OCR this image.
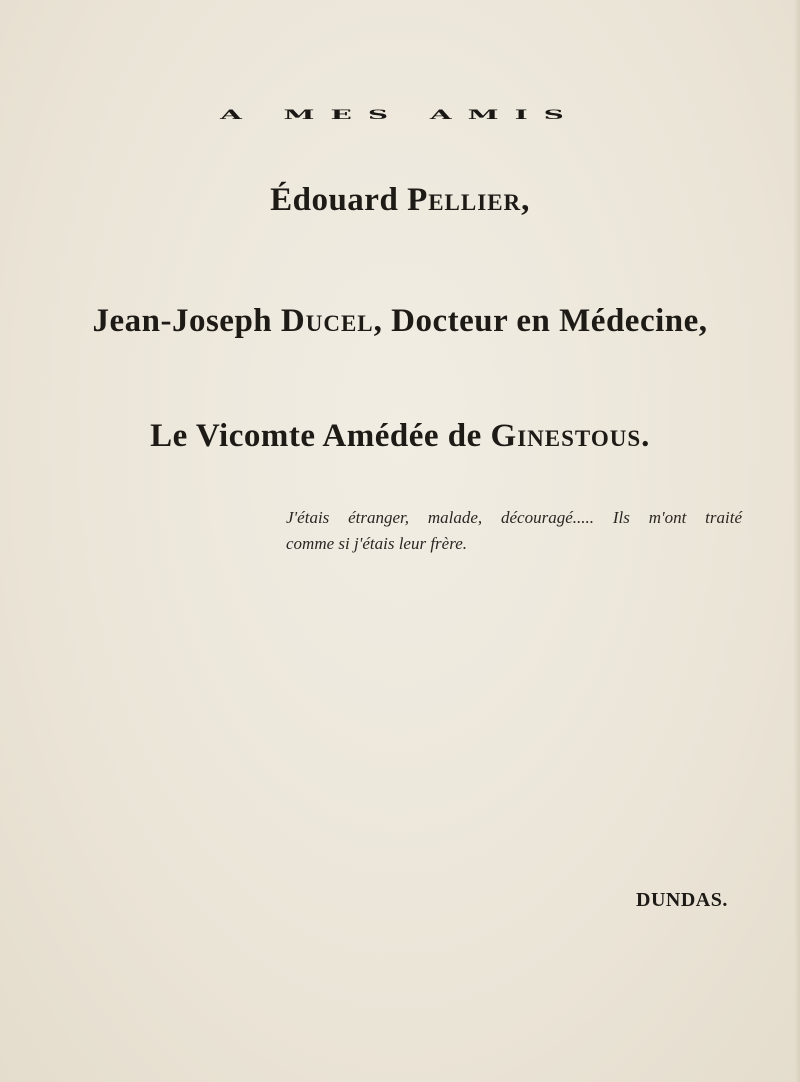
A MES AMIS
Édouard Pellier,
Jean-Joseph Ducel, Docteur en Médecine,
Le Vicomte Amédée de Ginestous.
J'étais étranger, malade, découragé..... Ils m'ont traité
comme si j'étais leur frère.
DUNDAS.
